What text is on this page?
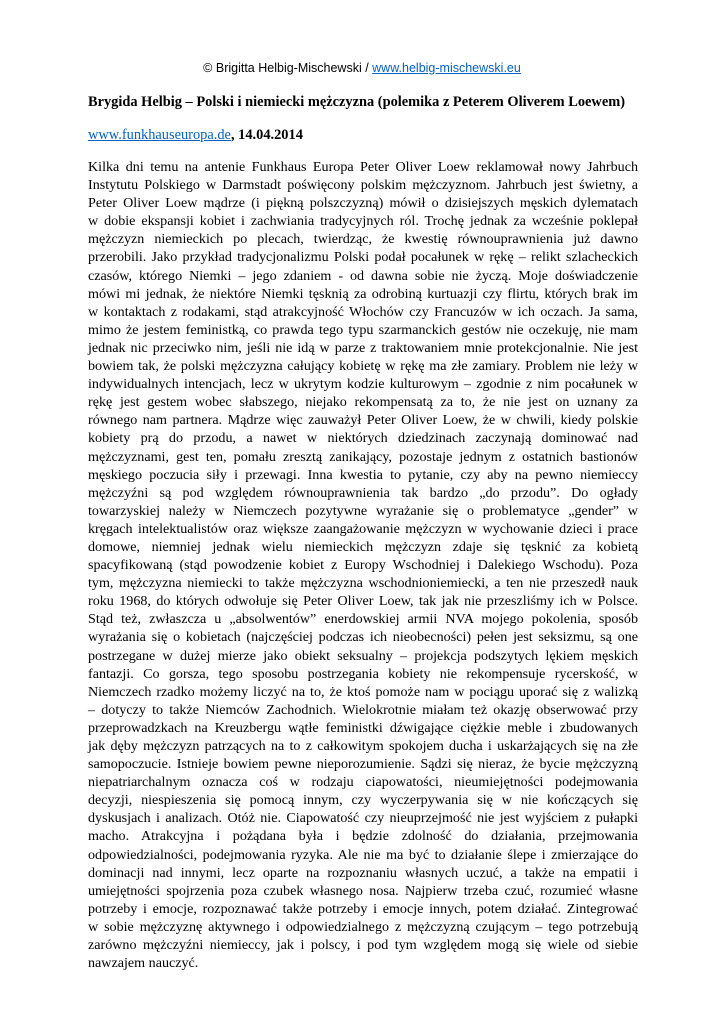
© Brigitta Helbig-Mischewski / www.helbig-mischewski.eu
Brygida Helbig – Polski i niemiecki mężczyzna (polemika z Peterem Oliverem Loewem)
www.funkhauseuropa.de, 14.04.2014
Kilka dni temu na antenie Funkhaus Europa Peter Oliver Loew reklamował nowy Jahrbuch
Instytutu Polskiego w Darmstadt poświęcony polskim mężczyznom. Jahrbuch jest świetny, a
Peter Oliver Loew mądrze (i piękną polszczyzną) mówił o dzisiejszych męskich dylematach
w dobie ekspansji kobiet i zachwiania tradycyjnych ról. Trochę jednak za wcześnie poklepał
mężczyzn niemieckich po plecach, twierdząc, że kwestię równouprawnienia już dawno
przerobili. Jako przykład tradycjonalizmu Polski podał pocałunek w rękę – relikt szlacheckich
czasów, którego Niemki – jego zdaniem - od dawna sobie nie życzą. Moje doświadczenie
mówi mi jednak, że niektóre Niemki tęsknią za odrobiną kurtuazji czy flirtu, których brak im
w kontaktach z rodakami, stąd atrakcyjność Włochów czy Francuzów w ich oczach. Ja sama,
mimo że jestem feministką, co prawda tego typu szarmanckich gestów nie oczekuję, nie mam
jednak nic przeciwko nim, jeśli nie idą w parze z traktowaniem mnie protekcjonalnie. Nie jest
bowiem tak, że polski mężczyzna całujący kobietę w rękę ma złe zamiary. Problem nie leży w
indywidualnych intencjach, lecz w ukrytym kodzie kulturowym – zgodnie z nim pocałunek w
rękę jest gestem wobec słabszego, niejako rekompensatą za to, że nie jest on uznany za
równego nam partnera. Mądrze więc zauważył Peter Oliver Loew, że w chwili, kiedy polskie
kobiety prą do przodu, a nawet w niektórych dziedzinach zaczynają dominować nad
mężczyznami, gest ten, pomału zresztą zanikający, pozostaje jednym z ostatnich bastionów
męskiego poczucia siły i przewagi. Inna kwestia to pytanie, czy aby na pewno niemieccy
mężczyźni są pod względem równouprawnienia tak bardzo „do przodu”. Do ogłady
towarzyskiej należy w Niemczech pozytywne wyrażanie się o problematyce „gender” w
kręgach intelektualistów oraz większe zaangażowanie mężczyzn w wychowanie dzieci i prace
domowe, niemniej jednak wielu niemieckich mężczyzn zdaje się tęsknić za kobietą
spacyfikowaną (stąd powodzenie kobiet z Europy Wschodniej i Dalekiego Wschodu). Poza
tym, mężczyzna niemiecki to także mężczyzna wschodnioniemiecki, a ten nie przeszedł nauk
roku 1968, do których odwołuje się Peter Oliver Loew, tak jak nie przeszliśmy ich w Polsce.
Stąd też, zwłaszcza u „absolwentów” enerdowskiej armii NVA mojego pokolenia, sposób
wyrażania się o kobietach (najczęściej podczas ich nieobecności) pełen jest seksizmu, są one
postrzegane w dużej mierze jako obiekt seksualny – projekcja podszytych lękiem męskich
fantazji. Co gorsza, tego sposobu postrzegania kobiety nie rekompensuje rycerskość, w
Niemczech rzadko możemy liczyć na to, że ktoś pomoże nam w pociągu uporać się z walizką
– dotyczy to także Niemców Zachodnich. Wielokrotnie miałam też okazję obserwować przy
przeprowadzkach na Kreuzbergu wątłe feministki dźwigające ciężkie meble i zbudowanych
jak dęby mężczyzn patrzących na to z całkowitym spokojem ducha i uskarżających się na złe
samopoczucie. Istnieje bowiem pewne nieporozumienie. Sądzi się nieraz, że bycie mężczyzną
niepatriarchalnym oznacza coś w rodzaju ciapowatości, nieumiejętności podejmowania
decyzji, niespieszenia się pomocą innym, czy wyczerpywania się w nie kończących się
dyskusjach i analizach. Otóż nie. Ciapowatość czy nieuprzejmość nie jest wyjściem z pułapki
macho. Atrakcyjna i pożądana była i będzie zdolność do działania, przejmowania
odpowiedzialności, podejmowania ryzyka. Ale nie ma być to działanie ślepe i zmierzające do
dominacji nad innymi, lecz oparte na rozpoznaniu własnych uczuć, a także na empatii i
umiejętności spojrzenia poza czubek własnego nosa. Najpierw trzeba czuć, rozumieć własne
potrzeby i emocje, rozpoznawać także potrzeby i emocje innych, potem działać. Zintegrować
w sobie mężczyznę aktywnego i odpowiedzialnego z mężczyzną czującym – tego potrzebują
zarówno mężczyźni niemieccy, jak i polscy, i pod tym względem mogą się wiele od siebie
nawzajem nauczyć.
